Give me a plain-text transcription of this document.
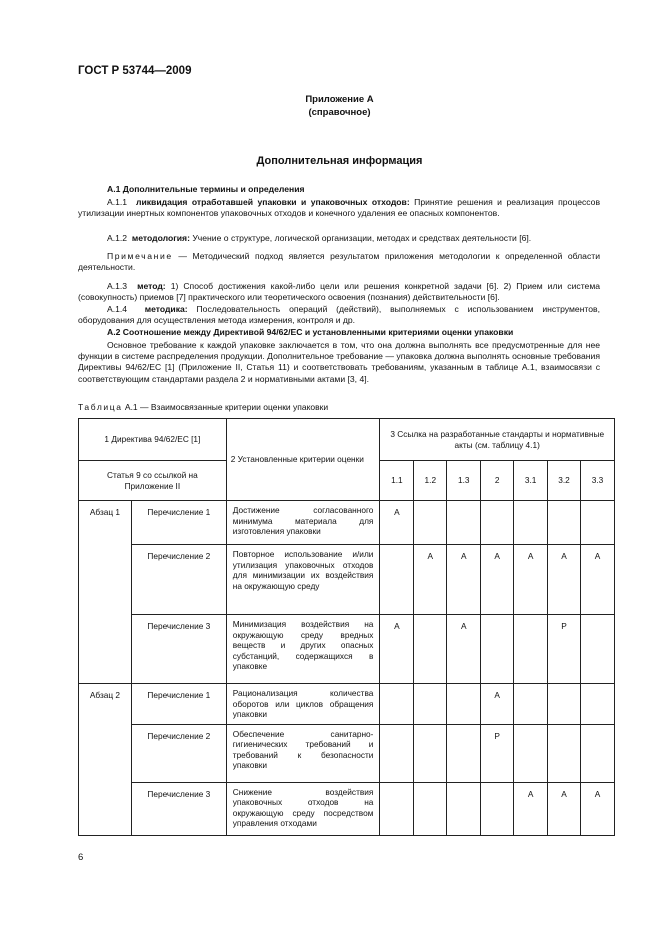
ГОСТ Р 53744—2009
Приложение А
(справочное)
Дополнительная информация
А.1 Дополнительные термины и определения
А.1.1 ликвидация отработавшей упаковки и упаковочных отходов: Принятие решения и реализация процессов утилизации инертных компонентов упаковочных отходов и конечного удаления ее опасных компонентов.
А.1.2 методология: Учение о структуре, логической организации, методах и средствах деятельности [6].
Примечание — Методический подход является результатом приложения методологии к определенной области деятельности.
А.1.3 метод: 1) Способ достижения какой-либо цели или решения конкретной задачи [6]. 2) Прием или система (совокупность) приемов [7] практического или теоретического освоения (познания) действительности [6].
А.1.4 методика: Последовательность операций (действий), выполняемых с использованием инструментов, оборудования для осуществления метода измерения, контроля и др.
А.2 Соотношение между Директивой 94/62/ЕС и установленными критериями оценки упаковки
Основное требование к каждой упаковке заключается в том, что она должна выполнять все предусмотренные для нее функции в системе распределения продукции. Дополнительное требование — упаковка должна выполнять основные требования Директивы 94/62/ЕС [1] (Приложение II, Статья 11) и соответствовать требованиям, указанным в таблице А.1, взаимосвязи с соответствующим стандартами раздела 2 и нормативными актами [3, 4].
Таблица А.1 — Взаимосвязанные критерии оценки упаковки
1 Директива 94/62/ЕС [1]		2 Установленные критерии оценки	3 Ссылка на разработанные стандарты и нормативные акты (см. таблицу 4.1)						
Статья 9 со ссылкой на Приложение II			1.1	1.2	1.3	2	3.1	3.2	3.3
Абзац 1	Перечисление 1	Достижение согласованного минимума материала для изготовления упаковки	А						
	Перечисление 2	Повторное использование и/или утилизация упаковочных отходов для минимизации их воздействия на окружающую среду		А	А	А	А	А	А
	Перечисление 3	Минимизация воздействия на окружающую среду вредных веществ и других опасных субстанций, содержащихся в упаковке	А		А			Р	
Абзац 2	Перечисление 1	Рационализация количества оборотов или циклов обращения упаковки				А			
	Перечисление 2	Обеспечение санитарно-гигиенических требований и требований к безопасности упаковки				Р			
	Перечисление 3	Снижение воздействия упаковочных отходов на окружающую среду посредством управления отходами					А	А	А
6
